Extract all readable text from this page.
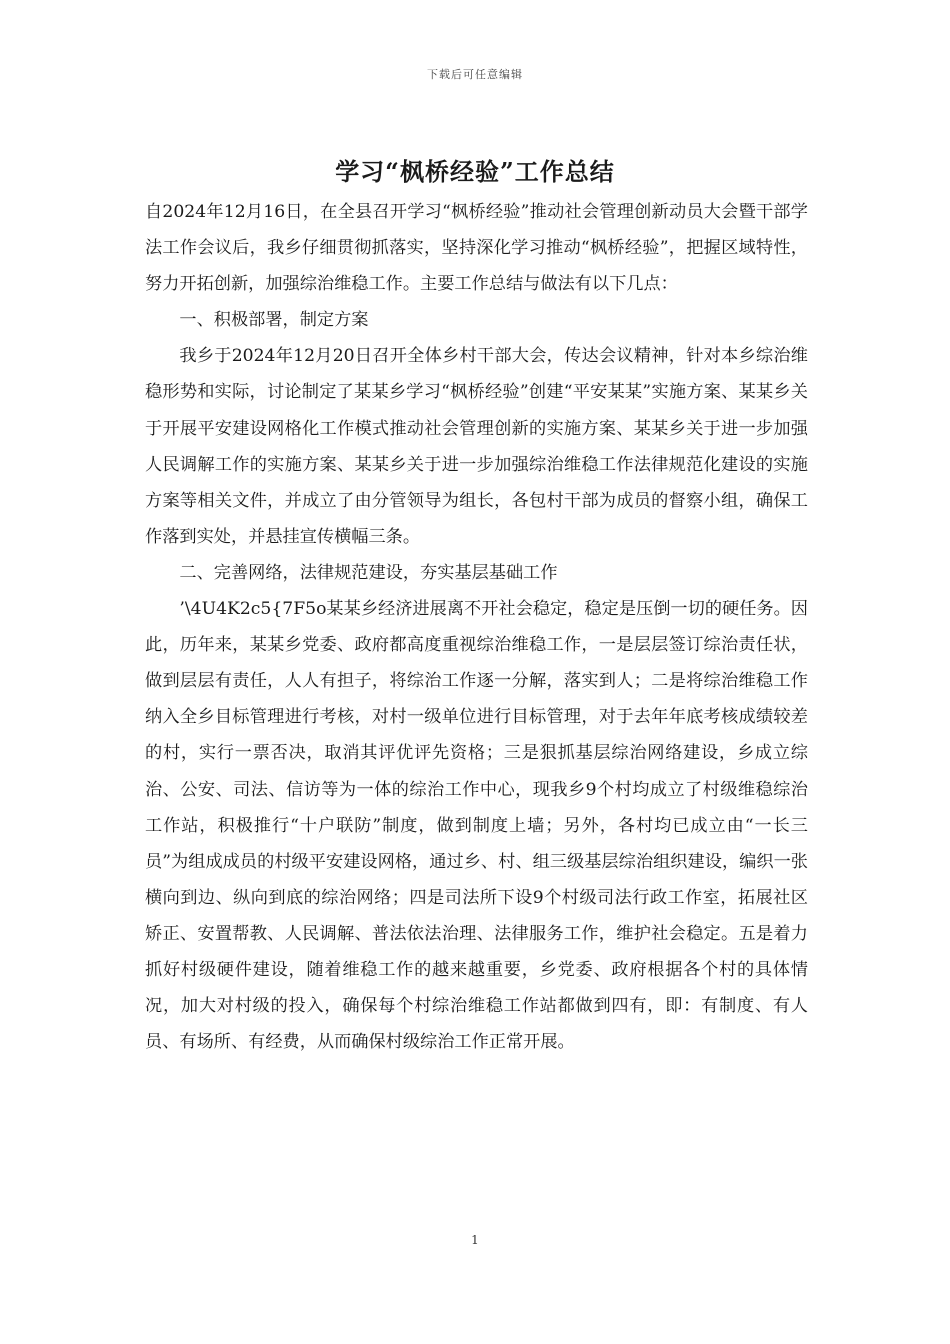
下载后可任意编辑
学习“枫桥经验”工作总结

自2024年12月16日，在全县召开学习“枫桥经验”推动社会管理创新动员大会暨干部学法工作会议后，我乡仔细贯彻抓落实，坚持深化学习推动“枫桥经验”，把握区域特性，努力开拓创新，加强综治维稳工作。主要工作总结与做法有以下几点：

一、积极部署，制定方案

我乡于2024年12月20日召开全体乡村干部大会，传达会议精神，针对本乡综治维稳形势和实际，讨论制定了某某乡学习“枫桥经验”创建“平安某某”实施方案、某某乡关于开展平安建设网格化工作模式推动社会管理创新的实施方案、某某乡关于进一步加强人民调解工作的实施方案、某某乡关于进一步加强综治维稳工作法律规范化建设的实施方案等相关文件，并成立了由分管领导为组长，各包村干部为成员的督察小组，确保工作落到实处，并悬挂宣传横幅三条。

二、完善网络，法律规范建设，夯实基层基础工作

’\4U4K2c5{7F5o某某乡经济进展离不开社会稳定，稳定是压倒一切的硬任务。因此，历年来，某某乡党委、政府都高度重视综治维稳工作，一是层层签订综治责任状，做到层层有责任，人人有担子，将综治工作逐一分解，落实到人；二是将综治维稳工作纳入全乡目标管理进行考核，对村一级单位进行目标管理，对于去年年底考核成绩较差的村，实行一票否决，取消其评优评先资格；三是狠抓基层综治网络建设，乡成立综治、公安、司法、信访等为一体的综治工作中心，现我乡9个村均成立了村级维稳综治工作站，积极推行“十户联防”制度，做到制度上墙；另外，各村均已成立由“一长三员”为组成成员的村级平安建设网格，通过乡、村、组三级基层综治组织建设，编织一张横向到边、纵向到底的综治网络；四是司法所下设9个村级司法行政工作室，拓展社区矫正、安置帮教、人民调解、普法依法治理、法律服务工作，维护社会稳定。五是着力抓好村级硬件建设，随着维稳工作的越来越重要，乡党委、政府根据各个村的具体情况，加大对村级的投入，确保每个村综治维稳工作站都做到四有，即：有制度、有人员、有场所、有经费，从而确保村级综治工作正常开展。

1
